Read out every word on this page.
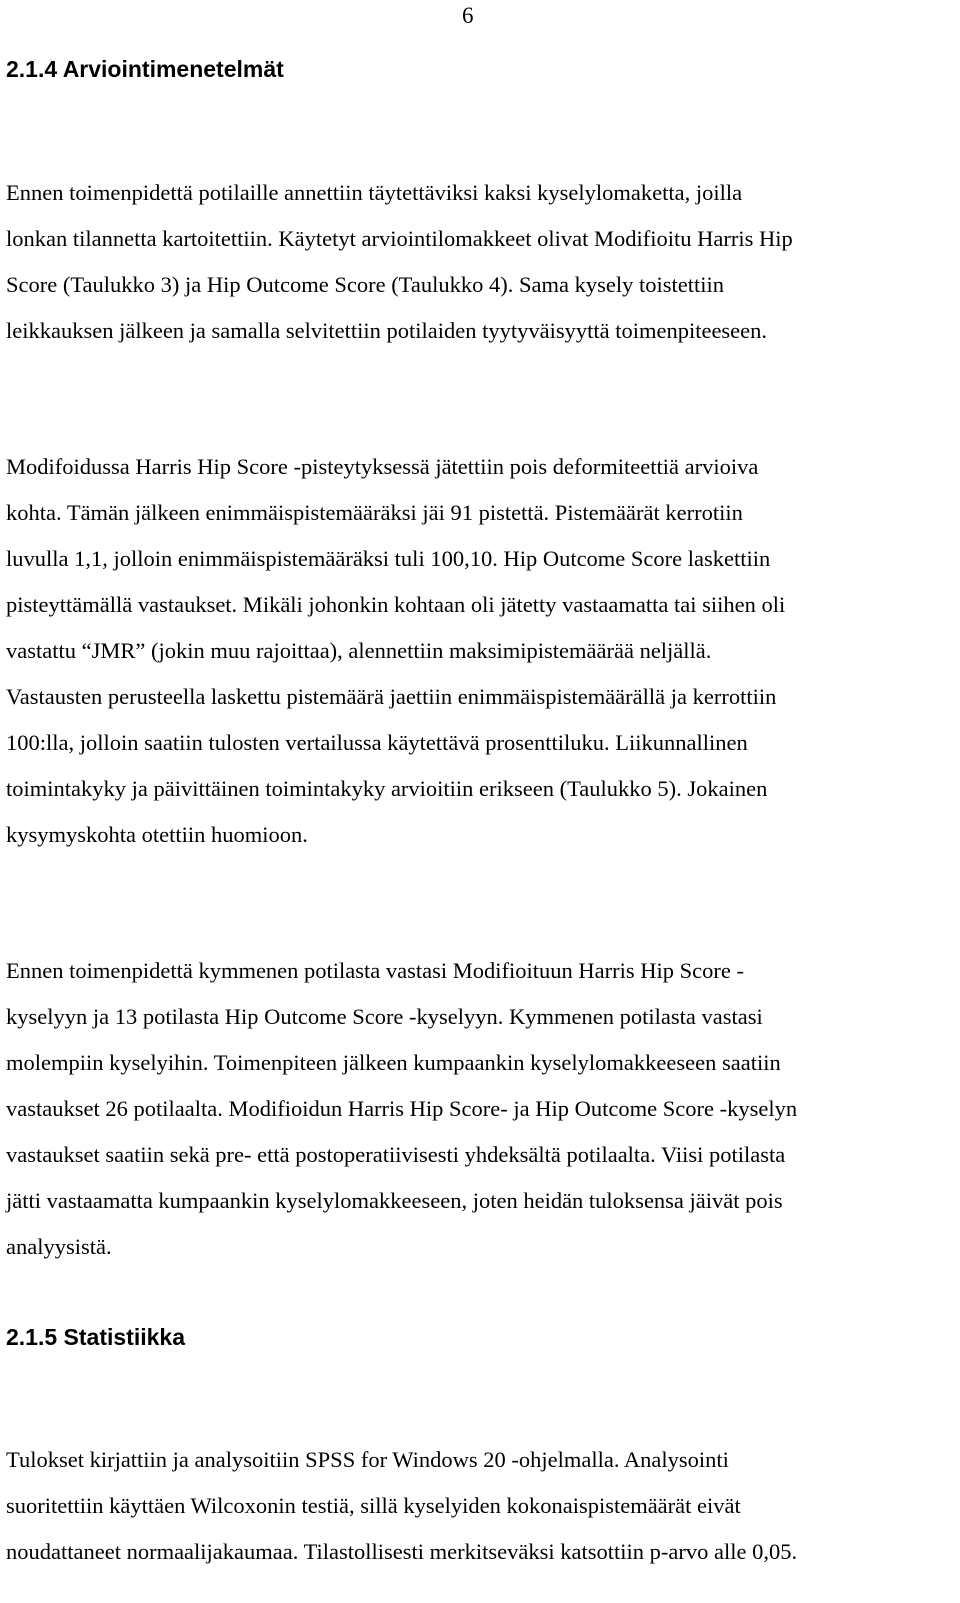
6
2.1.4 Arviointimenetelmät
Ennen toimenpidettä potilaille annettiin täytettäviksi kaksi kyselylomaketta, joilla
lonkan tilannetta kartoitettiin. Käytetyt arviointilomakkeet olivat Modifioitu Harris Hip
Score (Taulukko 3) ja Hip Outcome Score (Taulukko 4). Sama kysely toistettiin
leikkauksen jälkeen ja samalla selvitettiin potilaiden tyytyväisyyttä toimenpiteeseen.
Modifoidussa Harris Hip Score -pisteytyksessä jätettiin pois deformiteettiä arvioiva
kohta. Tämän jälkeen enimmäispistemääräksi jäi 91 pistettä. Pistemäärät kerrotiin
luvulla 1,1, jolloin enimmäispistemääräksi tuli 100,10. Hip Outcome Score laskettiin
pisteyttämällä vastaukset. Mikäli johonkin kohtaan oli jätetty vastaamatta tai siihen oli
vastattu “JMR” (jokin muu rajoittaa), alennettiin maksimipistemäärää neljällä.
Vastausten perusteella laskettu pistemäärä jaettiin enimmäispistemäärällä ja kerrottiin
100:lla, jolloin saatiin tulosten vertailussa käytettävä prosenttiluku. Liikunnallinen
toimintakyky ja päivittäinen toimintakyky arvioitiin erikseen (Taulukko 5). Jokainen
kysymyskohta otettiin huomioon.
Ennen toimenpidettä kymmenen potilasta vastasi Modifioituun Harris Hip Score -
kyselyyn ja 13 potilasta Hip Outcome Score -kyselyyn. Kymmenen potilasta vastasi
molempiin kyselyihin. Toimenpiteen jälkeen kumpaankin kyselylomakkeeseen saatiin
vastaukset 26 potilaalta. Modifioidun Harris Hip Score- ja Hip Outcome Score -kyselyn
vastaukset saatiin sekä pre- että postoperatiivisesti yhdeksältä potilaalta. Viisi potilasta
jätti vastaamatta kumpaankin kyselylomakkeeseen, joten heidän tuloksensa jäivät pois
analyysistä.
2.1.5 Statistiikka
Tulokset kirjattiin ja analysoitiin SPSS for Windows 20 -ohjelmalla. Analysointi
suoritettiin käyttäen Wilcoxonin testiä, sillä kyselyiden kokonaispistemäärät eivät
noudattaneet normaalijakaumaa. Tilastollisesti merkitseväksi katsottiin p-arvo alle 0,05.
